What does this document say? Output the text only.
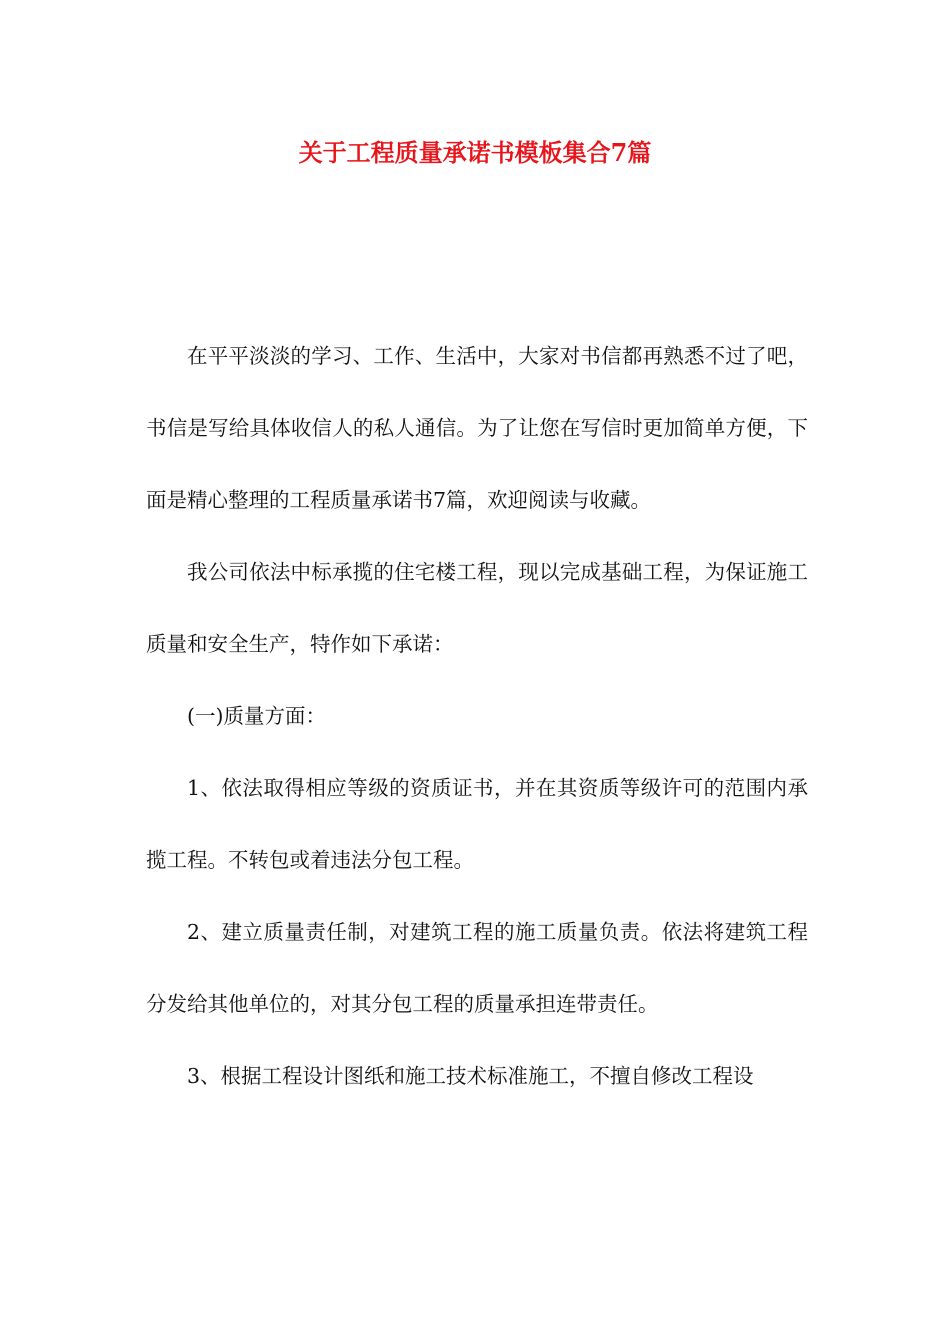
关于工程质量承诺书模板集合7篇

在平平淡淡的学习、工作、生活中，大家对书信都再熟悉不过了吧，书信是写给具体收信人的私人通信。为了让您在写信时更加简单方便，下面是精心整理的工程质量承诺书7篇，欢迎阅读与收藏。

我公司依法中标承揽的住宅楼工程，现以完成基础工程，为保证施工质量和安全生产，特作如下承诺：

(一)质量方面：

1、依法取得相应等级的资质证书，并在其资质等级许可的范围内承揽工程。不转包或着违法分包工程。

2、建立质量责任制，对建筑工程的施工质量负责。依法将建筑工程分发给其他单位的，对其分包工程的质量承担连带责任。

3、根据工程设计图纸和施工技术标准施工，不擅自修改工程设
